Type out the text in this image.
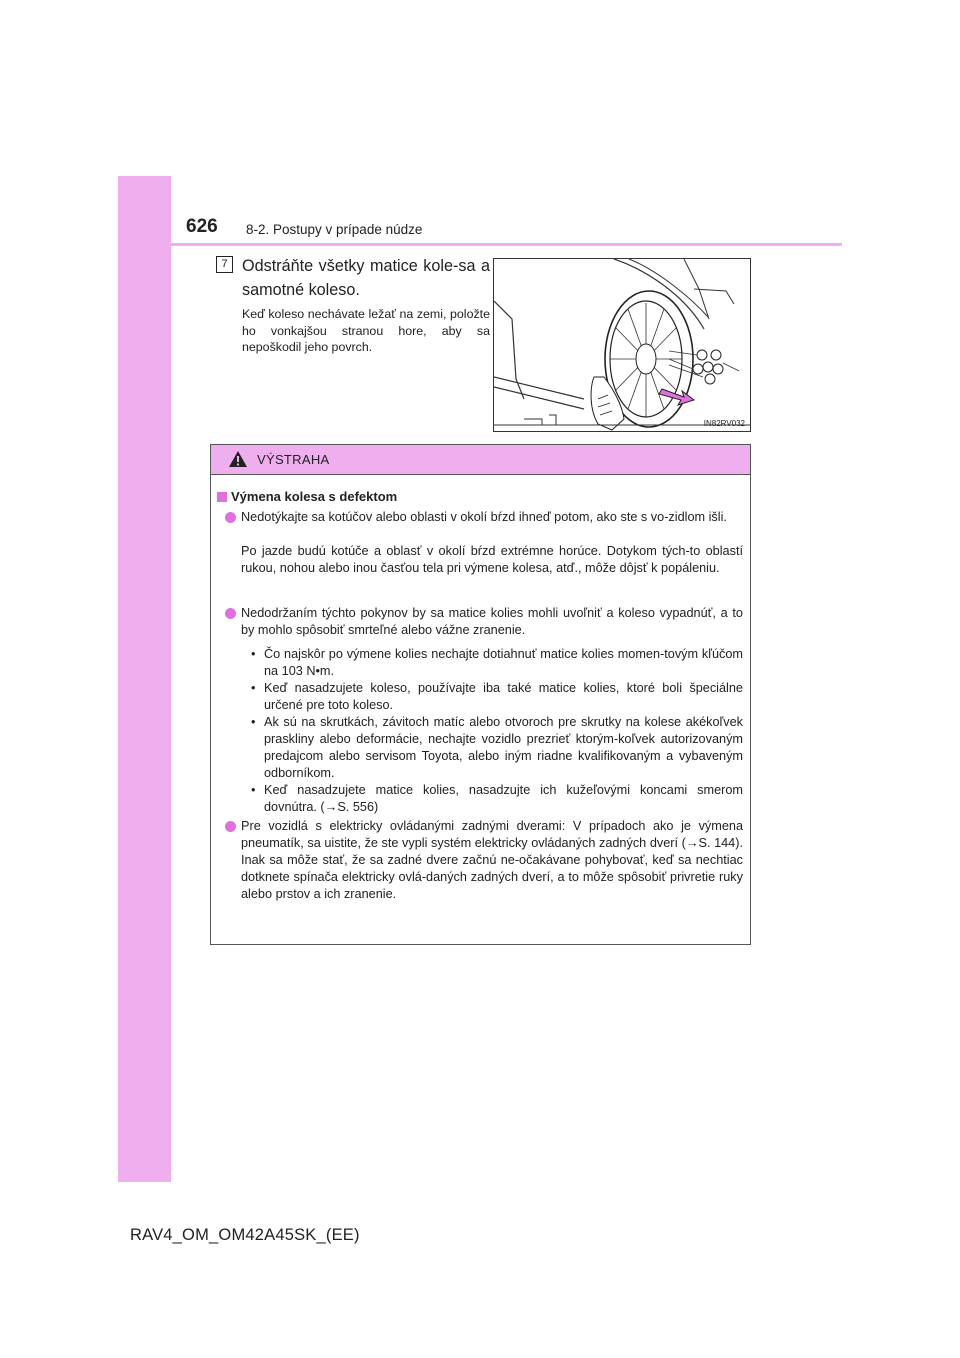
626 8-2. Postupy v prípade núdze
7 Odstráňte všetky matice kole-sa a samotné koleso.
Keď koleso nechávate ležať na zemi, položte ho vonkajšou stranou hore, aby sa nepoškodil jeho povrch.
IN82RV032
VÝSTRAHA
Výmena kolesa s defektom
Nedotýkajte sa kotúčov alebo oblasti v okolí bŕzd ihneď potom, ako ste s vo-zidlom išli.
Po jazde budú kotúče a oblasť v okolí bŕzd extrémne horúce. Dotykom tých-to oblastí rukou, nohou alebo inou časťou tela pri výmene kolesa, atď., môže dôjsť k popáleniu.
Nedodržaním týchto pokynov by sa matice kolies mohli uvoľniť a koleso vypadnúť, a to by mohlo spôsobiť smrteľné alebo vážne zranenie.
• Čo najskôr po výmene kolies nechajte dotiahnuť matice kolies momen-tovým kľúčom na 103 N•m.
• Keď nasadzujete koleso, používajte iba také matice kolies, ktoré boli špeciálne určené pre toto koleso.
• Ak sú na skrutkách, závitoch matíc alebo otvoroch pre skrutky na kolese akékoľvek praskliny alebo deformácie, nechajte vozidlo prezrieť ktorým-koľvek autorizovaným predajcom alebo servisom Toyota, alebo iným riadne kvalifikovaným a vybaveným odborníkom.
• Keď nasadzujete matice kolies, nasadzujte ich kužeľovými koncami smerom dovnútra. (→S. 556)
Pre vozidlá s elektricky ovládanými zadnými dverami: V prípadoch ako je výmena pneumatík, sa uistite, že ste vypli systém elektricky ovládaných zadných dverí (→S. 144). Inak sa môže stať, že sa zadné dvere začnú ne-očakávane pohybovať, keď sa nechtiac dotknete spínača elektricky ovlá-daných zadných dverí, a to môže spôsobiť privretie ruky alebo prstov a ich zranenie.
RAV4_OM_OM42A45SK_(EE)
